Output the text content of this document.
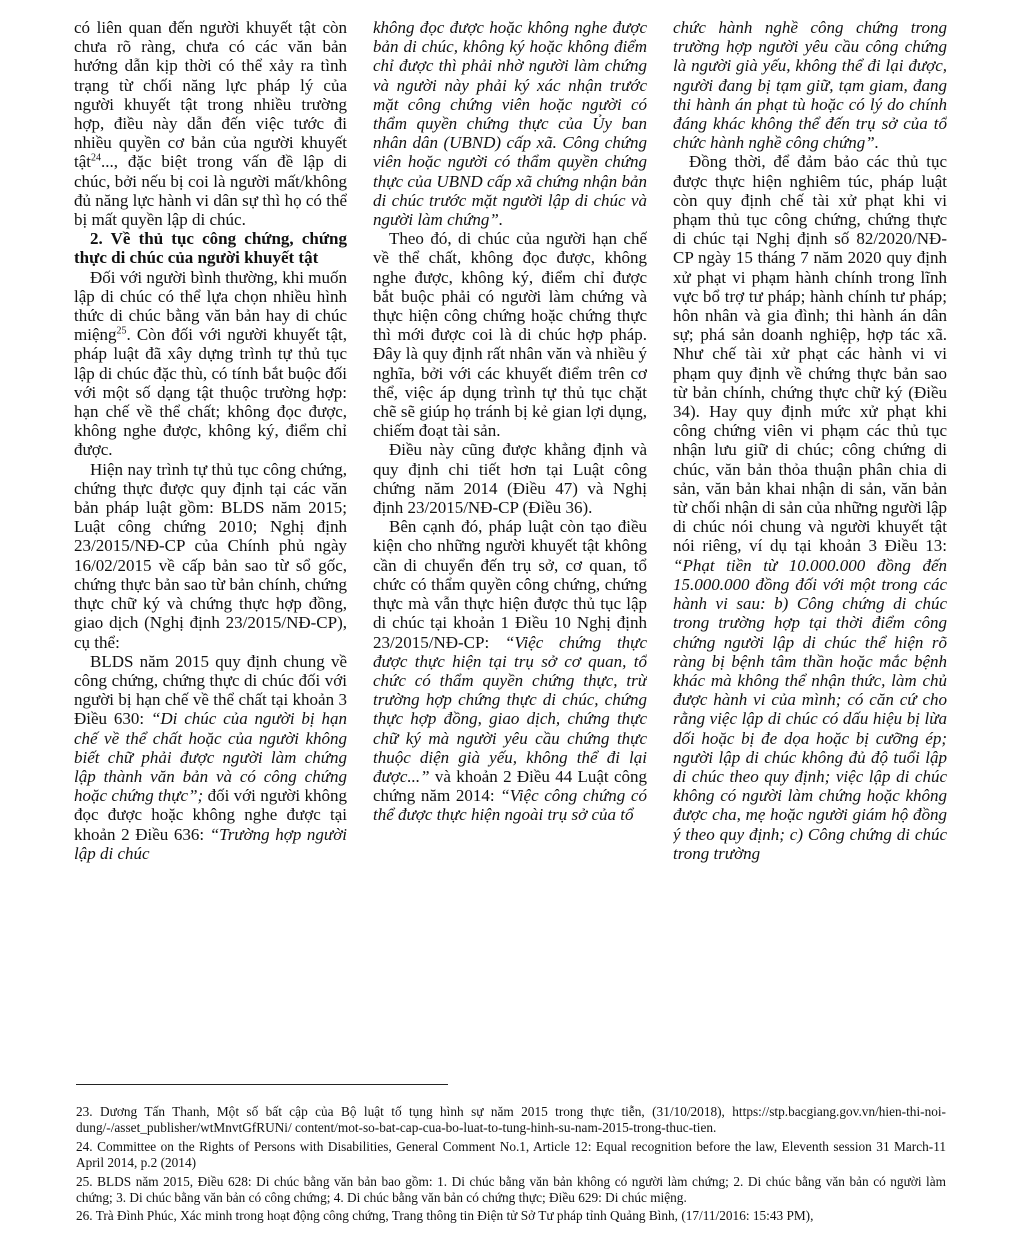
có liên quan đến người khuyết tật còn chưa rõ ràng, chưa có các văn bản hướng dẫn kịp thời có thể xảy ra tình trạng từ chối năng lực pháp lý của người khuyết tật trong nhiều trường hợp, điều này dẫn đến việc tước đi nhiều quyền cơ bản của người khuyết tật$^{24}$..., đặc biệt trong vấn đề lập di chúc, bởi nếu bị coi là người mất/không đủ năng lực hành vi dân sự thì họ có thể bị mất quyền lập di chúc.

2. Về thủ tục công chứng, chứng thực di chúc của người khuyết tật

Đối với người bình thường, khi muốn lập di chúc có thể lựa chọn nhiều hình thức di chúc bằng văn bản hay di chúc miệng$^{25}$. Còn đối với người khuyết tật, pháp luật đã xây dựng trình tự thủ tục lập di chúc đặc thù, có tính bắt buộc đối với một số dạng tật thuộc trường hợp: hạn chế về thể chất; không đọc được, không nghe được, không ký, điểm chỉ được.

Hiện nay trình tự thủ tục công chứng, chứng thực được quy định tại các văn bản pháp luật gồm: BLDS năm 2015; Luật công chứng 2010; Nghị định 23/2015/NĐ-CP của Chính phủ ngày 16/02/2015 về cấp bản sao từ sổ gốc, chứng thực bản sao từ bản chính, chứng thực chữ ký và chứng thực hợp đồng, giao dịch (Nghị định 23/2015/NĐ-CP), cụ thể:

BLDS năm 2015 quy định chung về công chứng, chứng thực di chúc đối với người bị hạn chế về thể chất tại khoản 3 Điều 630: “Di chúc của người bị hạn chế về thể chất hoặc của người không biết chữ phải được người làm chứng lập thành văn bản và có công chứng hoặc chứng thực”; đối với người không đọc được hoặc không nghe được tại khoản 2 Điều 636: “Trường hợp người lập di chúc

không đọc được hoặc không nghe được bản di chúc, không ký hoặc không điểm chỉ được thì phải nhờ người làm chứng và người này phải ký xác nhận trước mặt công chứng viên hoặc người có thẩm quyền chứng thực của Ủy ban nhân dân (UBND) cấp xã. Công chứng viên hoặc người có thẩm quyền chứng thực của UBND cấp xã chứng nhận bản di chúc trước mặt người lập di chúc và người làm chứng”.

Theo đó, di chúc của người hạn chế về thể chất, không đọc được, không nghe được, không ký, điểm chỉ được bắt buộc phải có người làm chứng và thực hiện công chứng hoặc chứng thực thì mới được coi là di chúc hợp pháp. Đây là quy định rất nhân văn và nhiều ý nghĩa, bởi với các khuyết điểm trên cơ thể, việc áp dụng trình tự thủ tục chặt chẽ sẽ giúp họ tránh bị kẻ gian lợi dụng, chiếm đoạt tài sản.

Điều này cũng được khẳng định và quy định chi tiết hơn tại Luật công chứng năm 2014 (Điều 47) và Nghị định 23/2015/NĐ-CP (Điều 36).

Bên cạnh đó, pháp luật còn tạo điều kiện cho những người khuyết tật không cần di chuyển đến trụ sở, cơ quan, tổ chức có thẩm quyền công chứng, chứng thực mà vẫn thực hiện được thủ tục lập di chúc tại khoản 1 Điều 10 Nghị định 23/2015/NĐ-CP: “Việc chứng thực được thực hiện tại trụ sở cơ quan, tổ chức có thẩm quyền chứng thực, trừ trường hợp chứng thực di chúc, chứng thực hợp đồng, giao dịch, chứng thực chữ ký mà người yêu cầu chứng thực thuộc diện già yếu, không thể đi lại được...” và khoản 2 Điều 44 Luật công chứng năm 2014: “Việc công chứng có thể được thực hiện ngoài trụ sở của tổ

chức hành nghề công chứng trong trường hợp người yêu cầu công chứng là người già yếu, không thể đi lại được, người đang bị tạm giữ, tạm giam, đang thi hành án phạt tù hoặc có lý do chính đáng khác không thể đến trụ sở của tổ chức hành nghề công chứng”.

Đồng thời, để đảm bảo các thủ tục được thực hiện nghiêm túc, pháp luật còn quy định chế tài xử phạt khi vi phạm thủ tục công chứng, chứng thực di chúc tại Nghị định số 82/2020/NĐ-CP ngày 15 tháng 7 năm 2020 quy định xử phạt vi phạm hành chính trong lĩnh vực bổ trợ tư pháp; hành chính tư pháp; hôn nhân và gia đình; thi hành án dân sự; phá sản doanh nghiệp, hợp tác xã. Như chế tài xử phạt các hành vi vi phạm quy định về chứng thực bản sao từ bản chính, chứng thực chữ ký (Điều 34). Hay quy định mức xử phạt khi công chứng viên vi phạm các thủ tục nhận lưu giữ di chúc; công chứng di chúc, văn bản thỏa thuận phân chia di sản, văn bản khai nhận di sản, văn bản từ chối nhận di sản của những người lập di chúc nói chung và người khuyết tật nói riêng, ví dụ tại khoản 3 Điều 13: “Phạt tiền từ 10.000.000 đồng đến 15.000.000 đồng đối với một trong các hành vi sau: b) Công chứng di chúc trong trường hợp tại thời điểm công chứng người lập di chúc thể hiện rõ ràng bị bệnh tâm thần hoặc mắc bệnh khác mà không thể nhận thức, làm chủ được hành vi của mình; có căn cứ cho rằng việc lập di chúc có dấu hiệu bị lừa dối hoặc bị đe dọa hoặc bị cưỡng ép; người lập di chúc không đủ độ tuổi lập di chúc theo quy định; việc lập di chúc không có người làm chứng hoặc không được cha, mẹ hoặc người giám hộ đồng ý theo quy định; c) Công chứng di chúc trong trường

23. Dương Tấn Thanh, Một số bất cập của Bộ luật tố tụng hình sự năm 2015 trong thực tiễn, (31/10/2018), https://stp.bacgiang.gov.vn/hien-thi-noi-dung/-/asset_publisher/wtMnvtGfRUNi/ content/mot-so-bat-cap-cua-bo-luat-to-tung-hinh-su-nam-2015-trong-thuc-tien.
24. Committee on the Rights of Persons with Disabilities, General Comment No.1, Article 12: Equal recognition before the law, Eleventh session 31 March-11 April 2014, p.2 (2014)
25. BLDS năm 2015, Điều 628: Di chúc bằng văn bản bao gồm: 1. Di chúc bằng văn bản không có người làm chứng; 2. Di chúc bằng văn bản có người làm chứng; 3. Di chúc bằng văn bản có công chứng; 4. Di chúc bằng văn bản có chứng thực; Điều 629: Di chúc miệng.
26. Trà Đình Phúc, Xác minh trong hoạt động công chứng, Trang thông tin Điện tử Sở Tư pháp tỉnh Quảng Bình, (17/11/2016: 15:43 PM),
